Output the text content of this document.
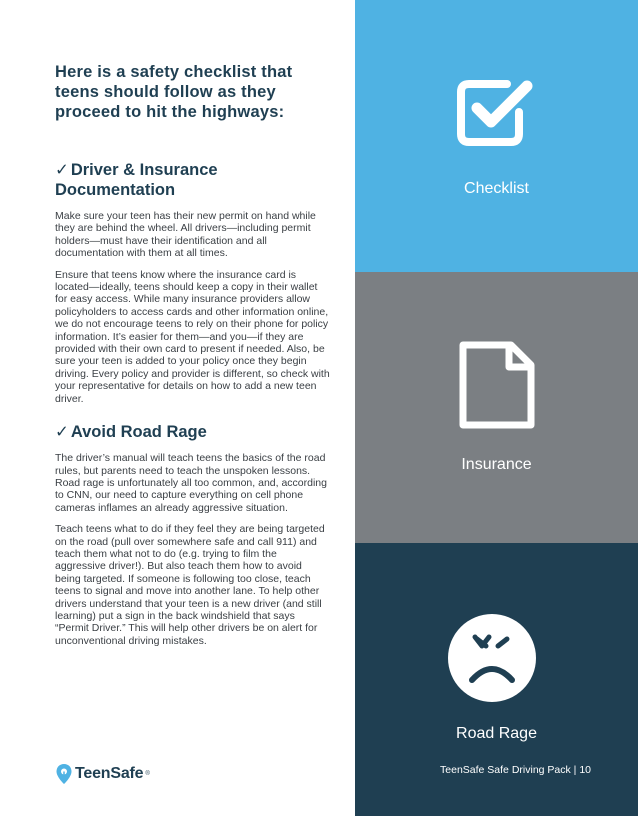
Here is a safety checklist that teens should follow as they proceed to hit the highways:

✓ Driver & Insurance Documentation

Make sure your teen has their new permit on hand while they are behind the wheel. All drivers—including permit holders—must have their identification and all documentation with them at all times.

Ensure that teens know where the insurance card is located—ideally, teens should keep a copy in their wallet for easy access. While many insurance providers allow policyholders to access cards and other information online, we do not encourage teens to rely on their phone for policy information. It’s easier for them—and you—if they are provided with their own card to present if needed. Also, be sure your teen is added to your policy once they begin driving. Every policy and provider is different, so check with your representative for details on how to add a new teen driver.

✓ Avoid Road Rage

The driver’s manual will teach teens the basics of the road rules, but parents need to teach the unspoken lessons. Road rage is unfortunately all too common, and, according to CNN, our need to capture everything on cell phone cameras inflames an already aggressive situation.

Teach teens what to do if they feel they are being targeted on the road (pull over somewhere safe and call 911) and teach them what not to do (e.g. trying to film the aggressive driver!). But also teach them how to avoid being targeted. If someone is following too close, teach teens to signal and move into another lane. To help other drivers understand that your teen is a new driver (and still learning) put a sign in the back windshield that says “Permit Driver.” This will help other drivers be on alert for unconventional driving mistakes.

Checklist
Insurance
Road Rage
TeenSafe ®	TeenSafe Safe Driving Pack | 10
